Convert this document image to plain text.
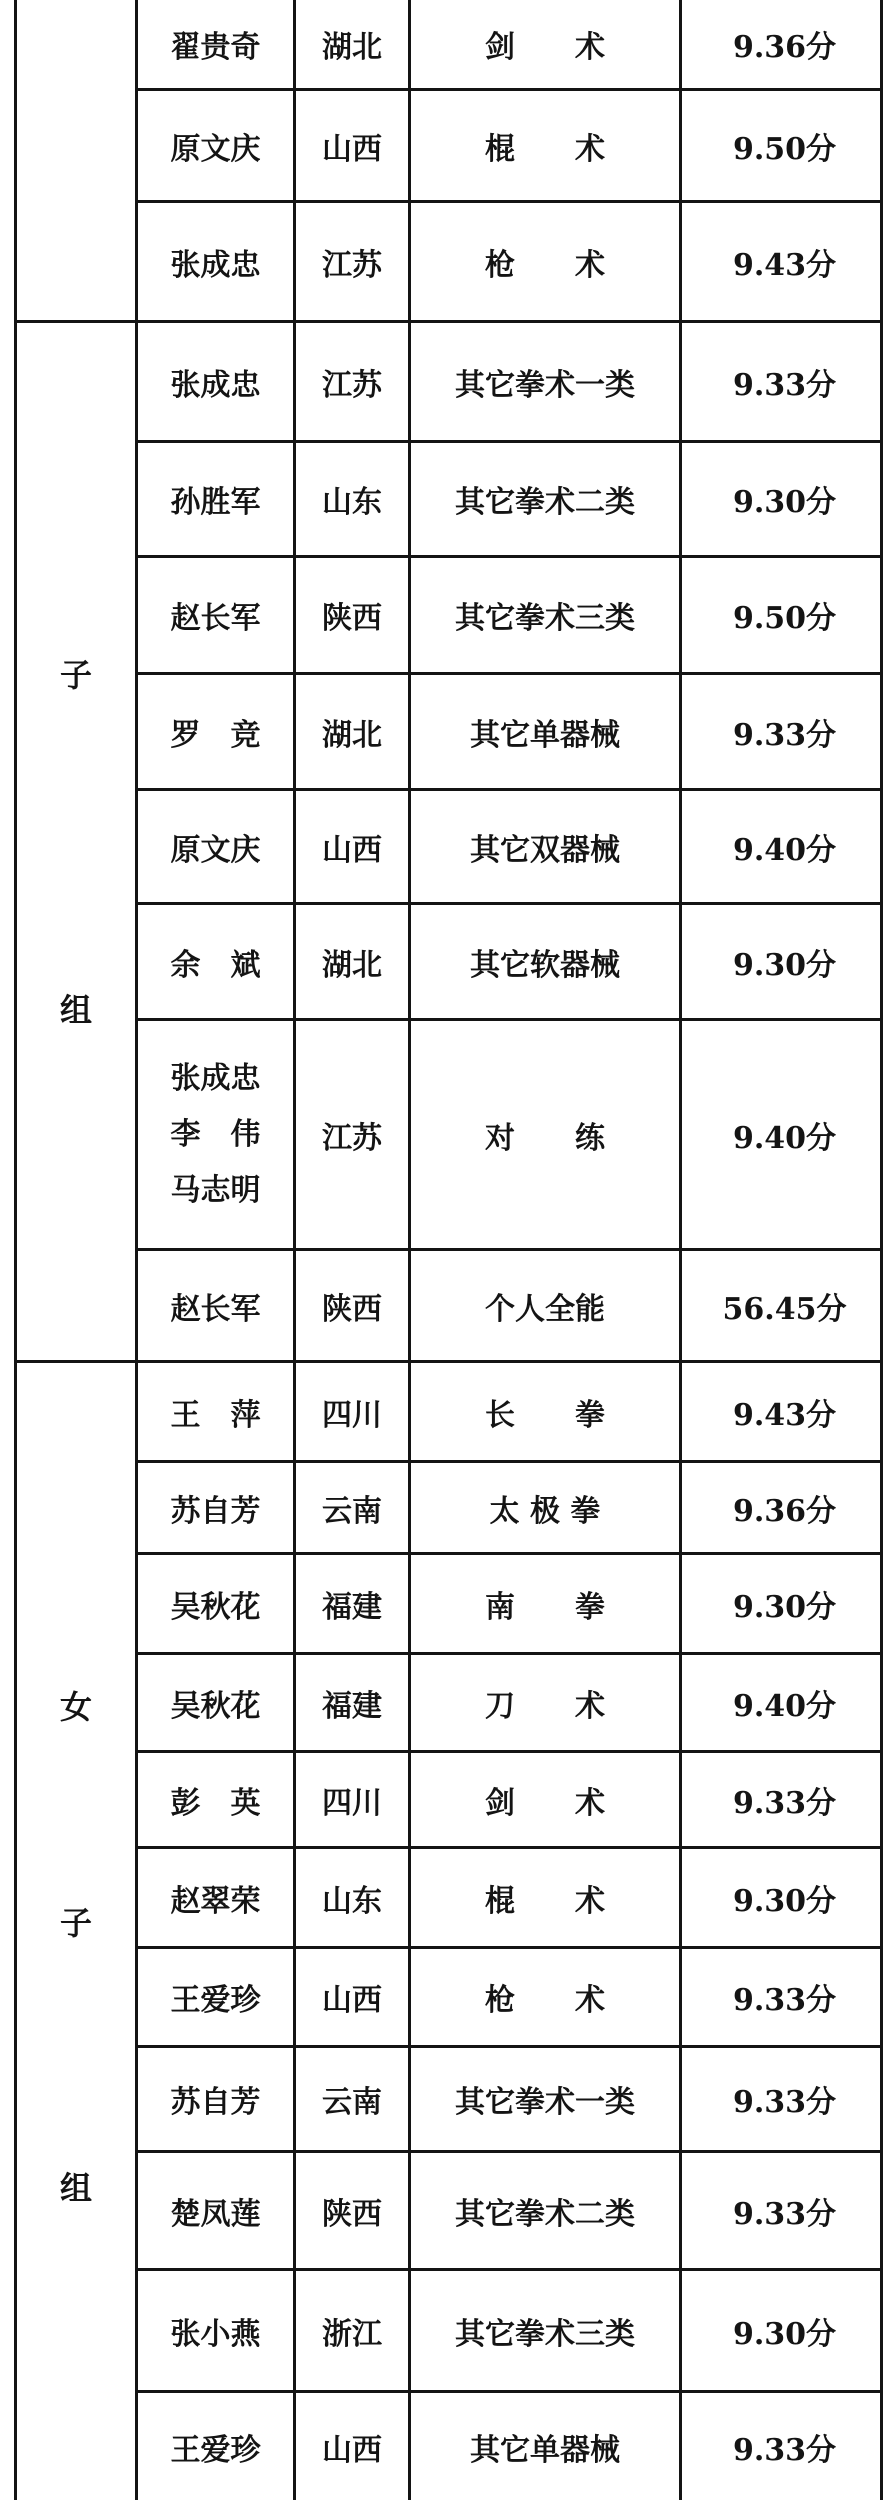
子
组
女
子
组
翟贵奇	湖北	剑　　术	9.36分
原文庆	山西	棍　　术	9.50分
张成忠	江苏	枪　　术	9.43分
张成忠	江苏	其它拳术一类	9.33分
孙胜军	山东	其它拳术二类	9.30分
赵长军	陕西	其它拳术三类	9.50分
罗　竞	湖北	其它单器械	9.33分
原文庆	山西	其它双器械	9.40分
余　斌	湖北	其它软器械	9.30分
张成忠
李　伟
马志明
江苏	对　　练	9.40分
赵长军	陕西	个人全能	56.45分
王　萍	四川	长　　拳	9.43分
苏自芳	云南	太 极 拳	9.36分
吴秋花	福建	南　　拳	9.30分
吴秋花	福建	刀　　术	9.40分
彭　英	四川	剑　　术	9.33分
赵翠荣	山东	棍　　术	9.30分
王爱珍	山西	枪　　术	9.33分
苏自芳	云南	其它拳术一类	9.33分
楚凤莲	陕西	其它拳术二类	9.33分
张小燕	浙江	其它拳术三类	9.30分
王爱珍	山西	其它单器械	9.33分
